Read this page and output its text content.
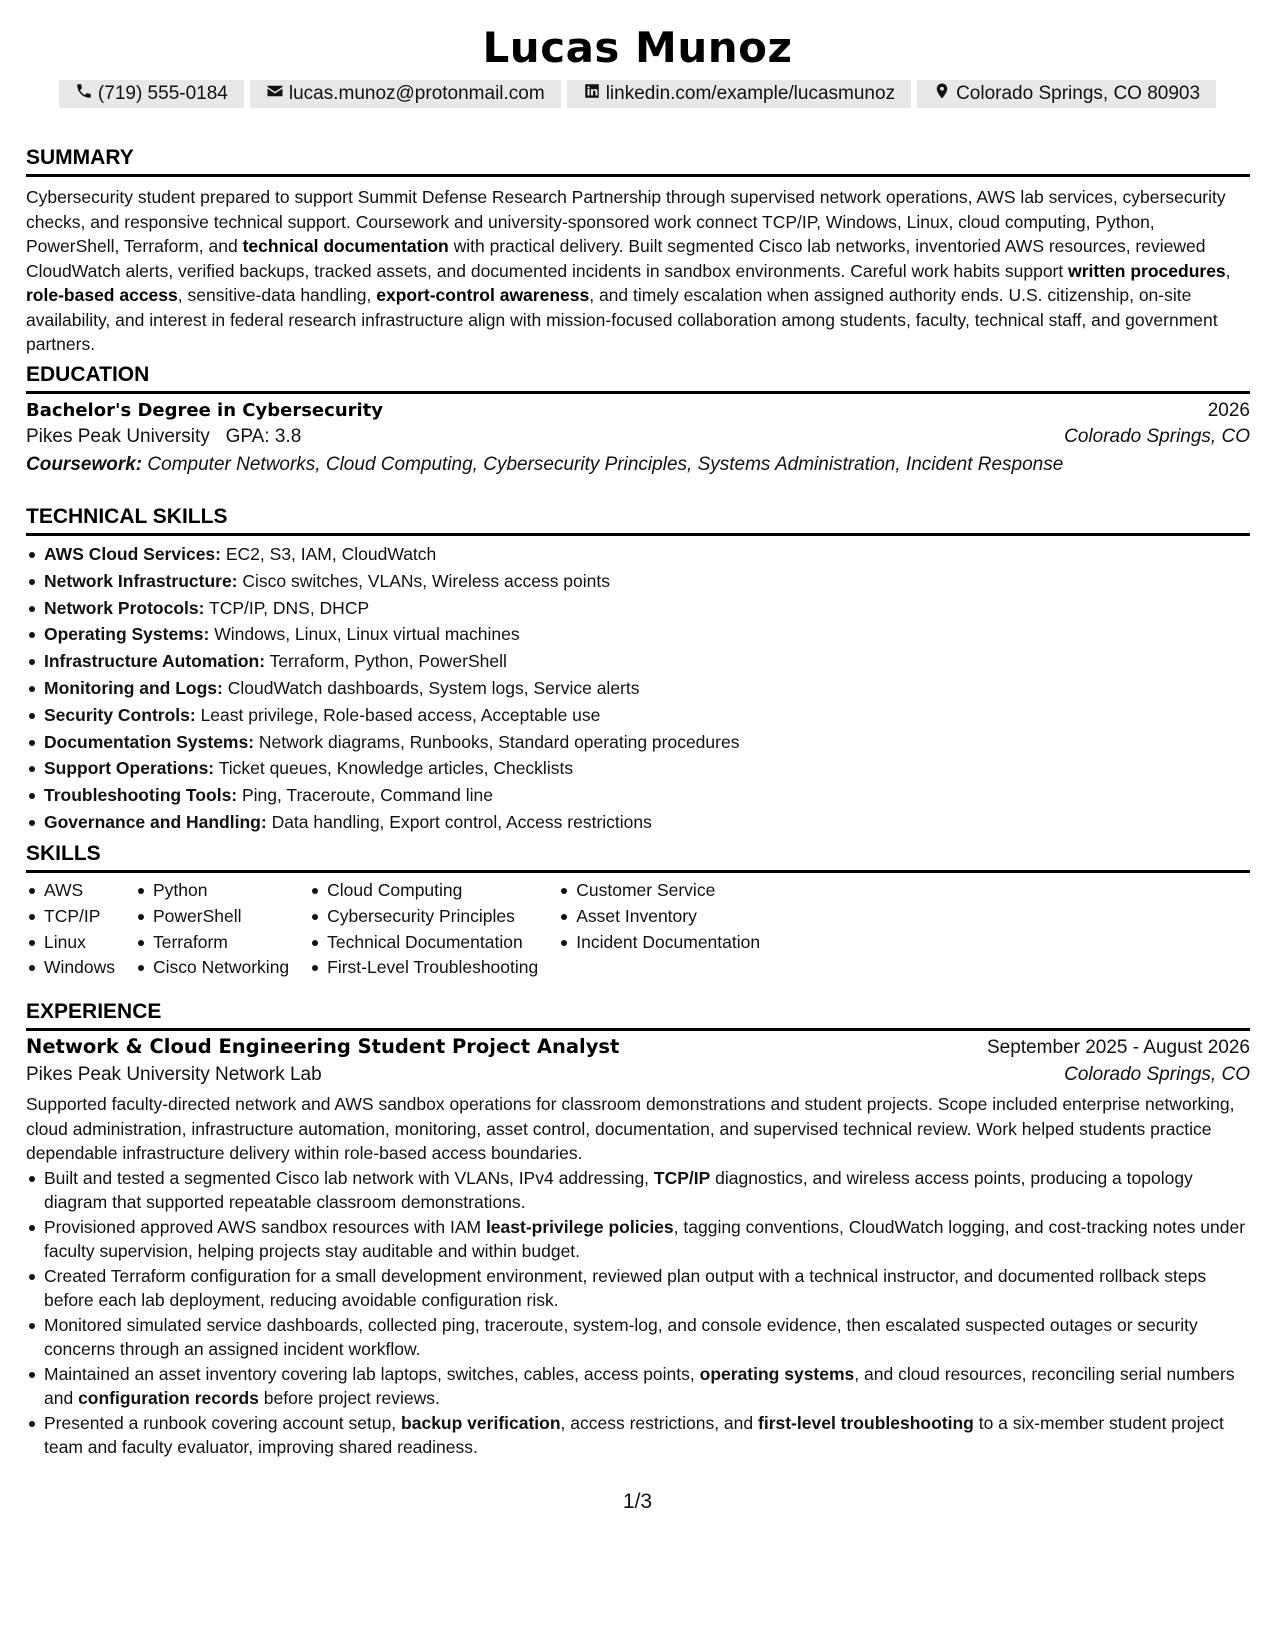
Lucas Munoz
(719) 555-0184	lucas.munoz@protonmail.com	linkedin.com/example/lucasmunoz	Colorado Springs, CO 80903
SUMMARY
Cybersecurity student prepared to support Summit Defense Research Partnership through supervised network operations, AWS lab services, cybersecurity checks, and responsive technical support. Coursework and university-sponsored work connect TCP/IP, Windows, Linux, cloud computing, Python, PowerShell, Terraform, and technical documentation with practical delivery. Built segmented Cisco lab networks, inventoried AWS resources, reviewed CloudWatch alerts, verified backups, tracked assets, and documented incidents in sandbox environments. Careful work habits support written procedures, role-based access, sensitive-data handling, export-control awareness, and timely escalation when assigned authority ends. U.S. citizenship, on-site availability, and interest in federal research infrastructure align with mission-focused collaboration among students, faculty, technical staff, and government partners.
EDUCATION
Bachelor's Degree in Cybersecurity	2026
Pikes Peak University GPA: 3.8	Colorado Springs, CO
Coursework: Computer Networks, Cloud Computing, Cybersecurity Principles, Systems Administration, Incident Response
TECHNICAL SKILLS
AWS Cloud Services: EC2, S3, IAM, CloudWatch
Network Infrastructure: Cisco switches, VLANs, Wireless access points
Network Protocols: TCP/IP, DNS, DHCP
Operating Systems: Windows, Linux, Linux virtual machines
Infrastructure Automation: Terraform, Python, PowerShell
Monitoring and Logs: CloudWatch dashboards, System logs, Service alerts
Security Controls: Least privilege, Role-based access, Acceptable use
Documentation Systems: Network diagrams, Runbooks, Standard operating procedures
Support Operations: Ticket queues, Knowledge articles, Checklists
Troubleshooting Tools: Ping, Traceroute, Command line
Governance and Handling: Data handling, Export control, Access restrictions
SKILLS
AWS
TCP/IP
Linux
Windows
Python
PowerShell
Terraform
Cisco Networking
Cloud Computing
Cybersecurity Principles
Technical Documentation
First-Level Troubleshooting
Customer Service
Asset Inventory
Incident Documentation
EXPERIENCE
Network & Cloud Engineering Student Project Analyst	September 2025 - August 2026
Pikes Peak University Network Lab	Colorado Springs, CO
Supported faculty-directed network and AWS sandbox operations for classroom demonstrations and student projects. Scope included enterprise networking, cloud administration, infrastructure automation, monitoring, asset control, documentation, and supervised technical review. Work helped students practice dependable infrastructure delivery within role-based access boundaries.
Built and tested a segmented Cisco lab network with VLANs, IPv4 addressing, TCP/IP diagnostics, and wireless access points, producing a topology diagram that supported repeatable classroom demonstrations.
Provisioned approved AWS sandbox resources with IAM least-privilege policies, tagging conventions, CloudWatch logging, and cost-tracking notes under faculty supervision, helping projects stay auditable and within budget.
Created Terraform configuration for a small development environment, reviewed plan output with a technical instructor, and documented rollback steps before each lab deployment, reducing avoidable configuration risk.
Monitored simulated service dashboards, collected ping, traceroute, system-log, and console evidence, then escalated suspected outages or security concerns through an assigned incident workflow.
Maintained an asset inventory covering lab laptops, switches, cables, access points, operating systems, and cloud resources, reconciling serial numbers and configuration records before project reviews.
Presented a runbook covering account setup, backup verification, access restrictions, and first-level troubleshooting to a six-member student project team and faculty evaluator, improving shared readiness.
1/3
